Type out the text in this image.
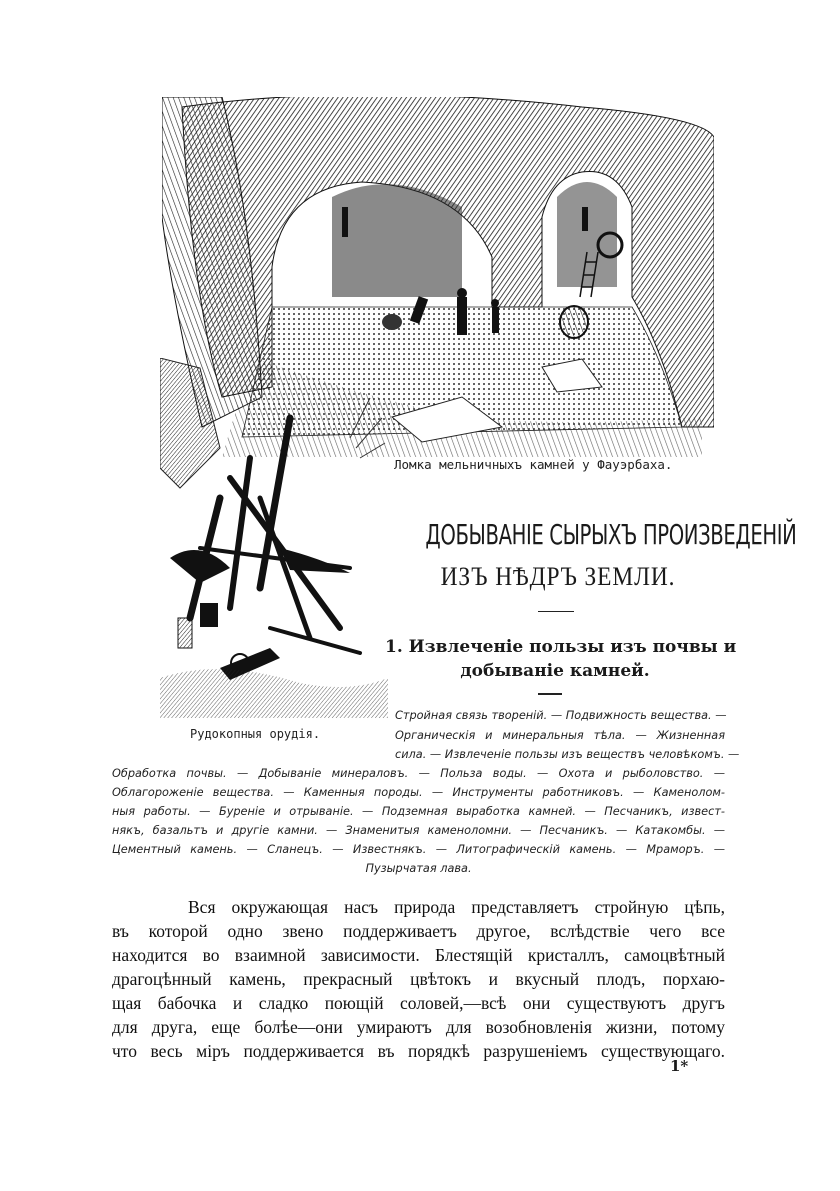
Ломка мельничныхъ камней у Фауэрбаха.
Рудокопныя орудія.
ДОБЫВАНІЕ СЫРЫХЪ ПРОИЗВЕДЕНІЙ
ИЗЪ НѢДРЪ ЗЕМЛИ.
1. Извлеченіе пользы изъ почвы и
добываніе камней.
Стройная связь твореній. — Подвижность вещества. —
Органическія и минеральныя тѣла. — Жизненная
сила. — Извлеченіе пользы изъ веществъ человѣкомъ. —
Обработка почвы. — Добываніе минераловъ. — Польза воды. — Охота и рыболовство. —
Облагороженіе вещества. — Каменныя породы. — Инструменты работниковъ. — Каменолом-
ныя работы. — Буреніе и отрываніе. — Подземная выработка камней. — Песчаникъ, извест-
някъ, базальтъ и другіе камни. — Знаменитыя каменоломни. — Песчаникъ. — Катакомбы. —
Цементный камень. — Сланецъ. — Известнякъ. — Литографическій камень. — Мраморъ. —
Пузырчатая лава.
Вся окружающая насъ природа представляетъ стройную цѣпь,
въ которой одно звено поддерживаетъ другое, вслѣдствіе чего все
находится во взаимной зависимости. Блестящій кристаллъ, самоцвѣтный
драгоцѣнный камень, прекрасный цвѣтокъ и вкусный плодъ, порхаю-
щая бабочка и сладко поющій соловей,—всѣ они существуютъ другъ
для друга, еще болѣе—они умираютъ для возобновленія жизни, потому
что весь міръ поддерживается въ порядкѣ разрушеніемъ существующаго.
1*
